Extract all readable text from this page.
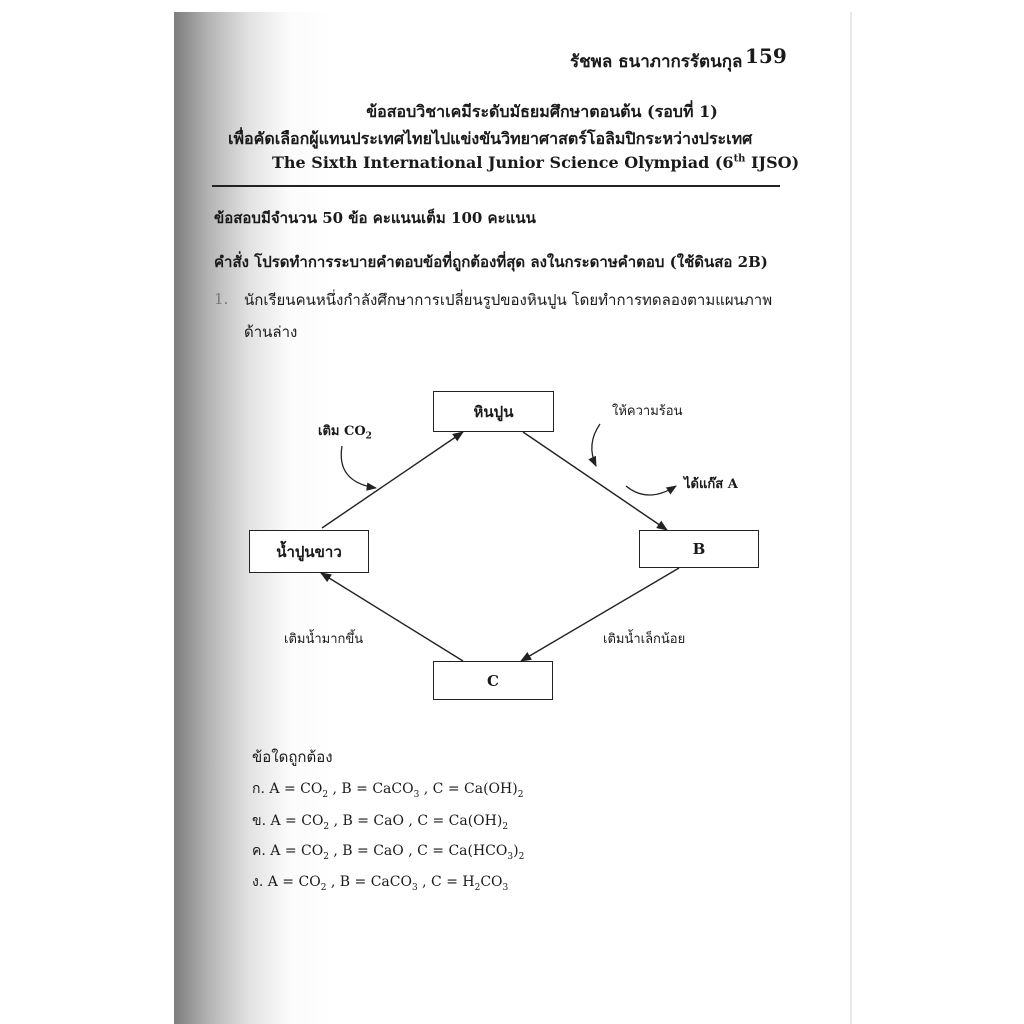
รัชพล ธนาภากรรัตนกุล 159
ข้อสอบวิชาเคมีระดับมัธยมศึกษาตอนต้น (รอบที่ 1)
เพื่อคัดเลือกผู้แทนประเทศไทยไปแข่งขันวิทยาศาสตร์โอลิมปิกระหว่างประเทศ
The Sixth International Junior Science Olympiad (6th IJSO)
ข้อสอบมีจำนวน 50 ข้อ คะแนนเต็ม 100 คะแนน
คำสั่ง โปรดทำการระบายคำตอบข้อที่ถูกต้องที่สุด ลงในกระดาษคำตอบ (ใช้ดินสอ 2B)
1. นักเรียนคนหนึ่งกำลังศึกษาการเปลี่ยนรูปของหินปูน โดยทำการทดลองตามแผนภาพ
ด้านล่าง
หินปูน
B
C
น้ำปูนขาว
เติม $CO_2$
ให้ความร้อน
ได้แก๊ส A
เติมน้ำเล็กน้อย
เติมน้ำมากขึ้น
ข้อใดถูกต้อง
ก. $A = CO_2$ , B = CaCO$_3$ , $C = Ca(OH)_2$
ข. $A = CO_2$ , B = CaO , $C = Ca(OH)_2$
ค. $A = CO_2$ , B = CaO , $C = Ca(HCO_3)_2$
ง. $A = CO_2$ , B = CaCO$_3$ , $C = H_2CO_3$
